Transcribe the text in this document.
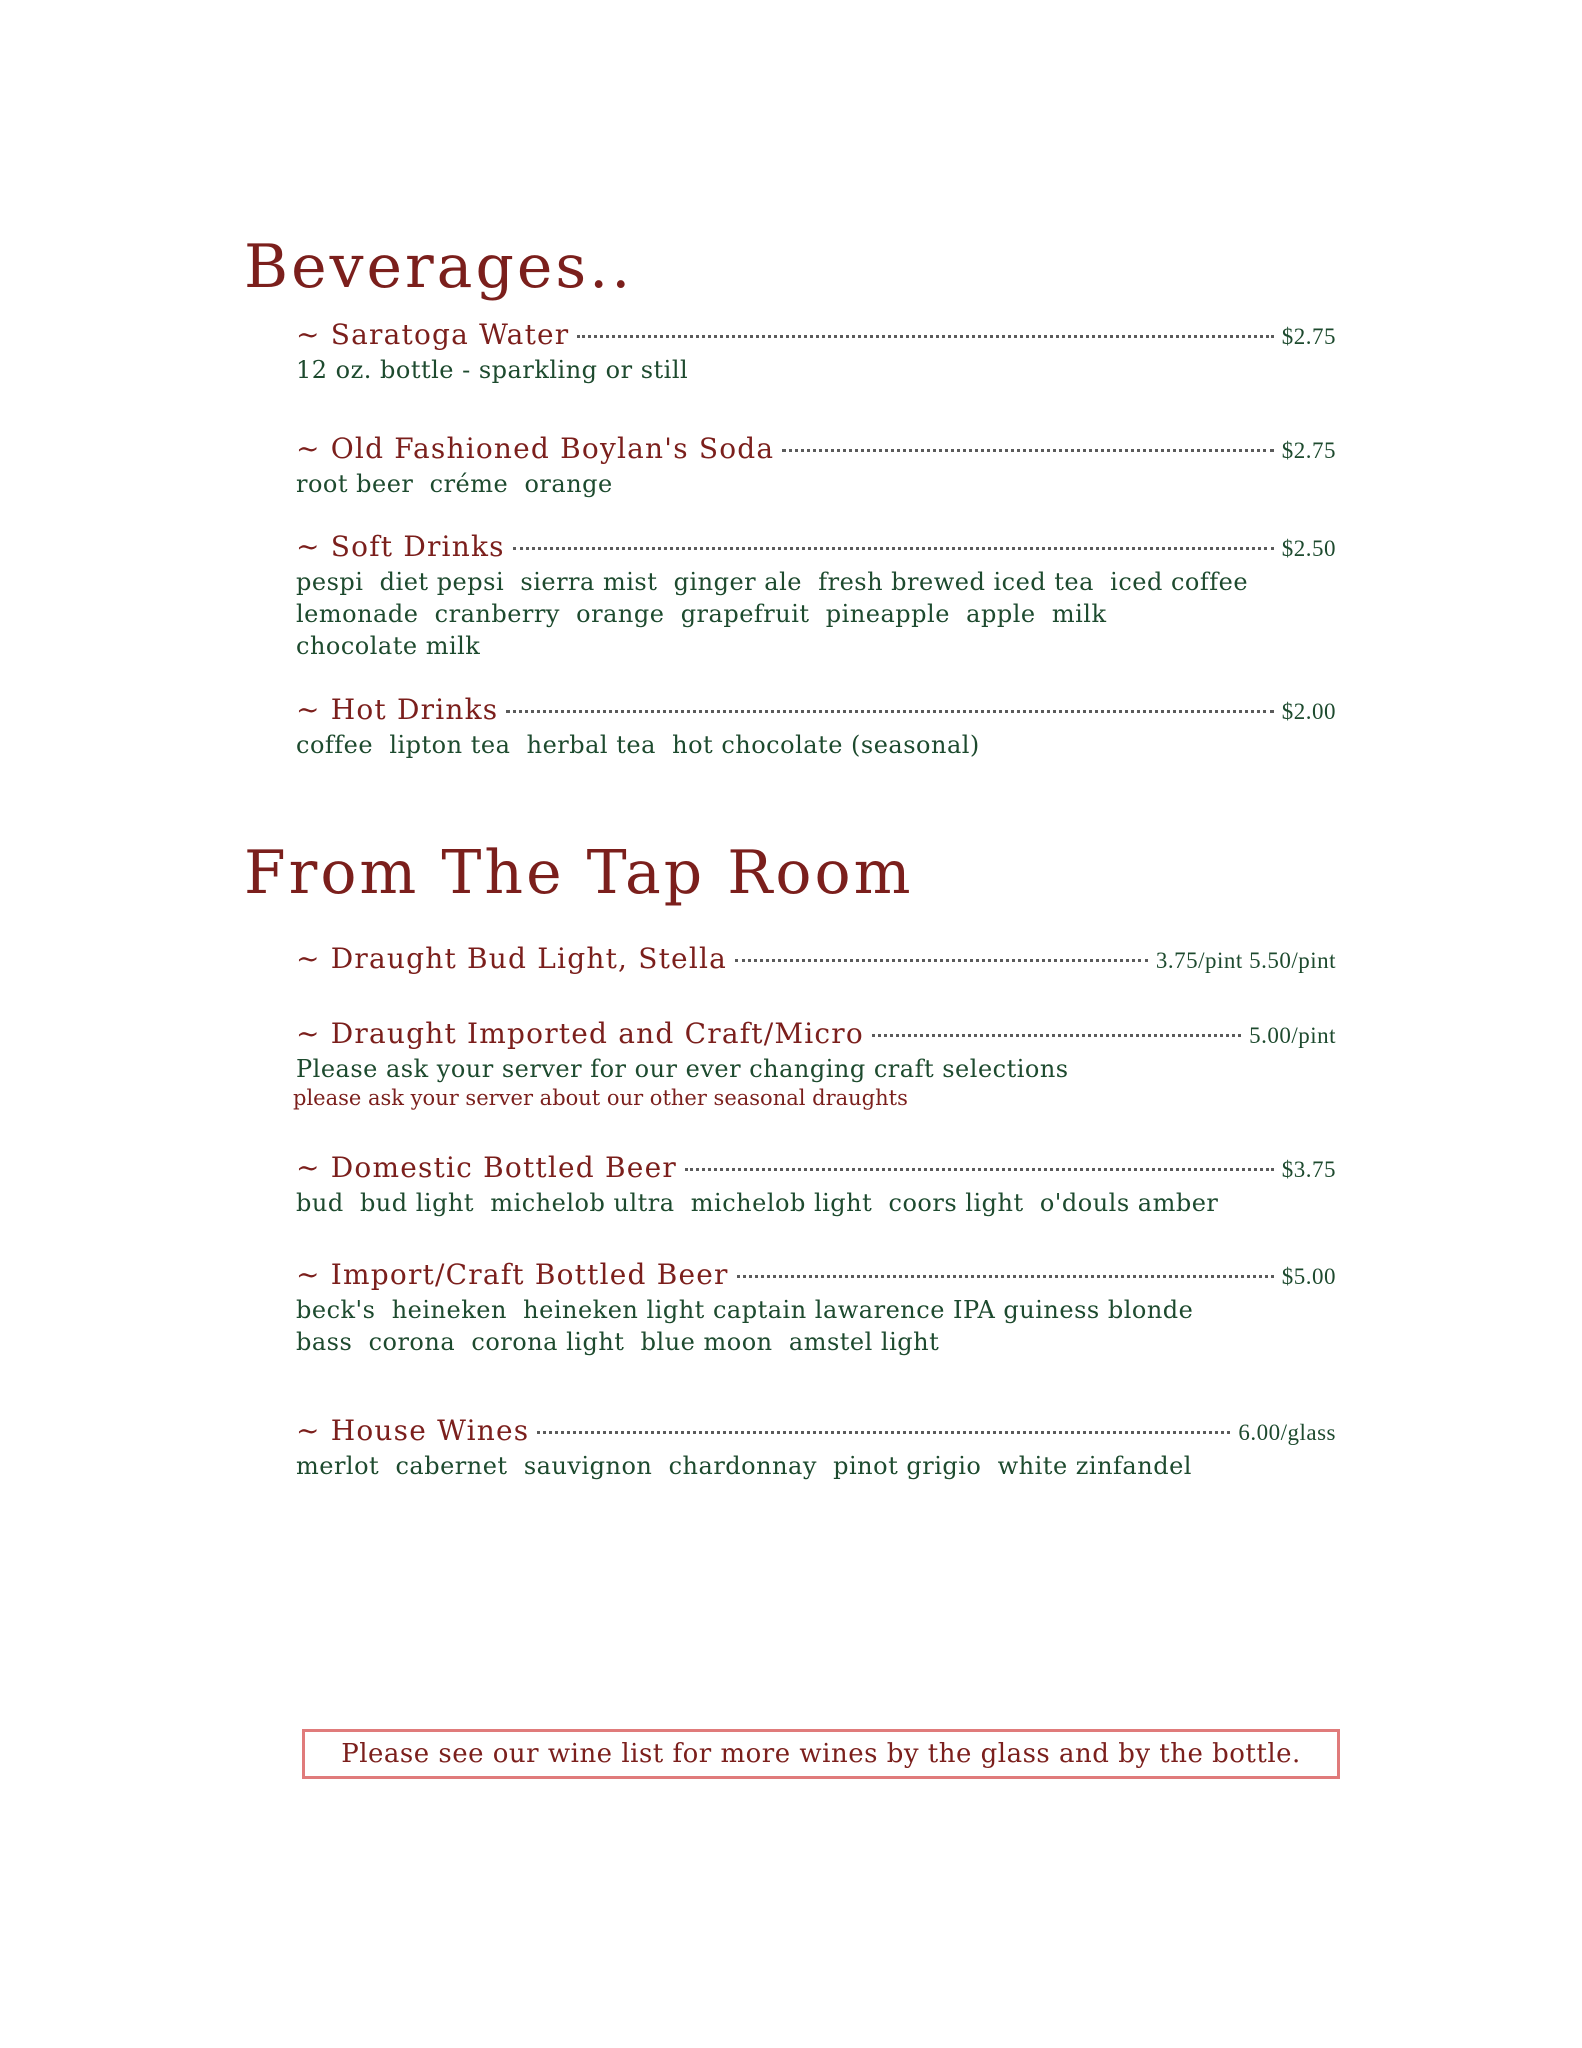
Beverages..
~ Saratoga Water	$2.75
12 oz. bottle - sparkling or still
~ Old Fashioned Boylan's Soda	$2.75
root beer  créme  orange
~ Soft Drinks	$2.50
pespi  diet pepsi  sierra mist  ginger ale  fresh brewed iced tea  iced coffee
lemonade  cranberry  orange  grapefruit  pineapple  apple  milk
chocolate milk
~ Hot Drinks	$2.00
coffee  lipton tea  herbal tea  hot chocolate (seasonal)
From The Tap Room
~ Draught Bud Light, Stella	3.75/pint 5.50/pint
~ Draught Imported and Craft/Micro	5.00/pint
Please ask your server for our ever changing craft selections
please ask your server about our other seasonal draughts
~ Domestic Bottled Beer	$3.75
bud  bud light  michelob ultra  michelob light  coors light  o'douls amber
~ Import/Craft Bottled Beer	$5.00
beck's  heineken  heineken light captain lawarence IPA guiness blonde
bass  corona  corona light  blue moon  amstel light
~ House Wines	6.00/glass
merlot  cabernet  sauvignon  chardonnay  pinot grigio  white zinfandel
Please see our wine list for more wines by the glass and by the bottle.
